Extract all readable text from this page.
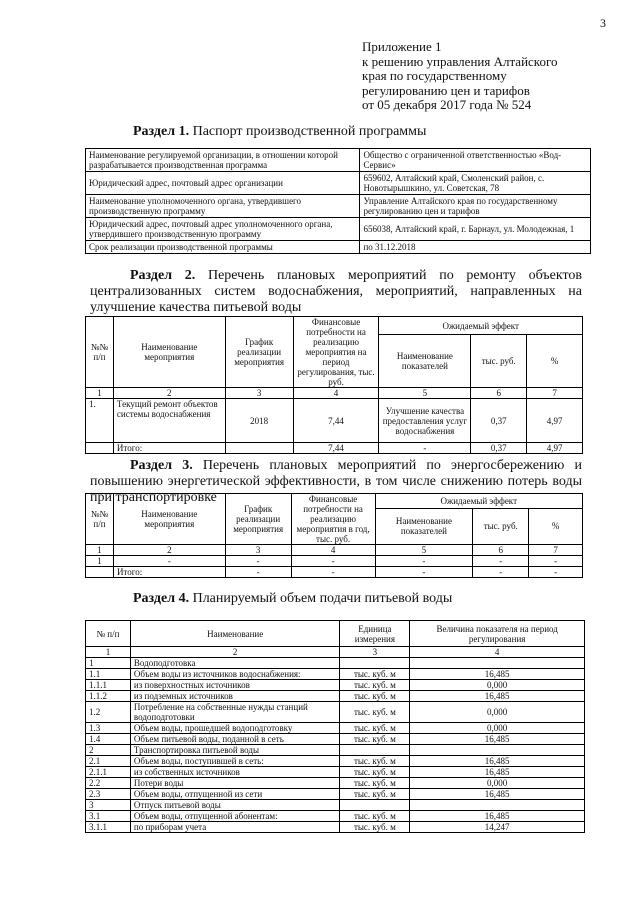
3
Приложение 1
к решению управления Алтайского
края по государственному
регулированию цен и тарифов
от 05 декабря 2017 года № 524
Раздел 1. Паспорт производственной программы
Наименование регулируемой организации, в отношении которой разрабатывается производственная программа	Общество с ограниченной ответственностью «Вод-Сервис»
Юридический адрес, почтовый адрес организации	659602, Алтайский край, Смоленский район, с. Новотырышкино, ул. Советская, 78
Наименование уполномоченного органа, утвердившего производственную программу	Управление Алтайского края по государственному регулированию цен и тарифов
Юридический адрес, почтовый адрес уполномоченного органа, утвердившего производственную программу	656038, Алтайский край, г. Барнаул, ул. Молодежная, 1
Срок реализации производственной программы	по 31.12.2018
Раздел 2. Перечень плановых мероприятий по ремонту объектов централизованных систем водоснабжения, мероприятий, направленных на улучшение качества питьевой воды
№№ п/п	Наименование мероприятия	График реализации мероприятия	Финансовые потребности на реализацию мероприятия на период регулирования, тыс. руб.	Ожидаемый эффект		
				Наименование показателей	тыс. руб.	%
1	2	3	4	5	6	7
1.	Текущий ремонт объектов системы водоснабжения	2018	7,44	Улучшение качества предоставления услуг водоснабжения	0,37	4,97
	Итого:		7,44	-	0,37	4,97
Раздел 3. Перечень плановых мероприятий по энергосбережению и повышению энергетической эффективности, в том числе снижению потерь воды при транспортировке
№№ п/п	Наименование мероприятия	График реализации мероприятия	Финансовые потребности на реализацию мероприятия в год, тыс. руб.	Ожидаемый эффект		
				Наименование показателей	тыс. руб.	%
1	2	3	4	5	6	7
1	-	-	-	-	-	-
	Итого:	-	-	-	-	-
Раздел 4. Планируемый объем подачи питьевой воды
№ п/п	Наименование	Единица измерения	Величина показателя на период регулирования
1	2	3	4
1	Водоподготовка		
1.1	Объем воды из источников водоснабжения:	тыс. куб. м	16,485
1.1.1	из поверхностных источников	тыс. куб. м	0,000
1.1.2	из подземных источников	тыс. куб. м	16,485
1.2	Потребление на собственные нужды станций водоподготовки	тыс. куб. м	0,000
1.3	Объем воды, прошедшей водоподготовку	тыс. куб. м	0,000
1.4	Объем питьевой воды, поданной в сеть	тыс. куб. м	16,485
2	Транспортировка питьевой воды		
2.1	Объем воды, поступившей в сеть:	тыс. куб. м	16,485
2.1.1	из собственных источников	тыс. куб. м	16,485
2.2	Потери воды	тыс. куб. м	0,000
2.3	Объем воды, отпущенной из сети	тыс. куб. м	16,485
3	Отпуск питьевой воды		
3.1	Объем воды, отпущенной абонентам:	тыс. куб. м	16,485
3.1.1	по приборам учета	тыс. куб. м	14,247
